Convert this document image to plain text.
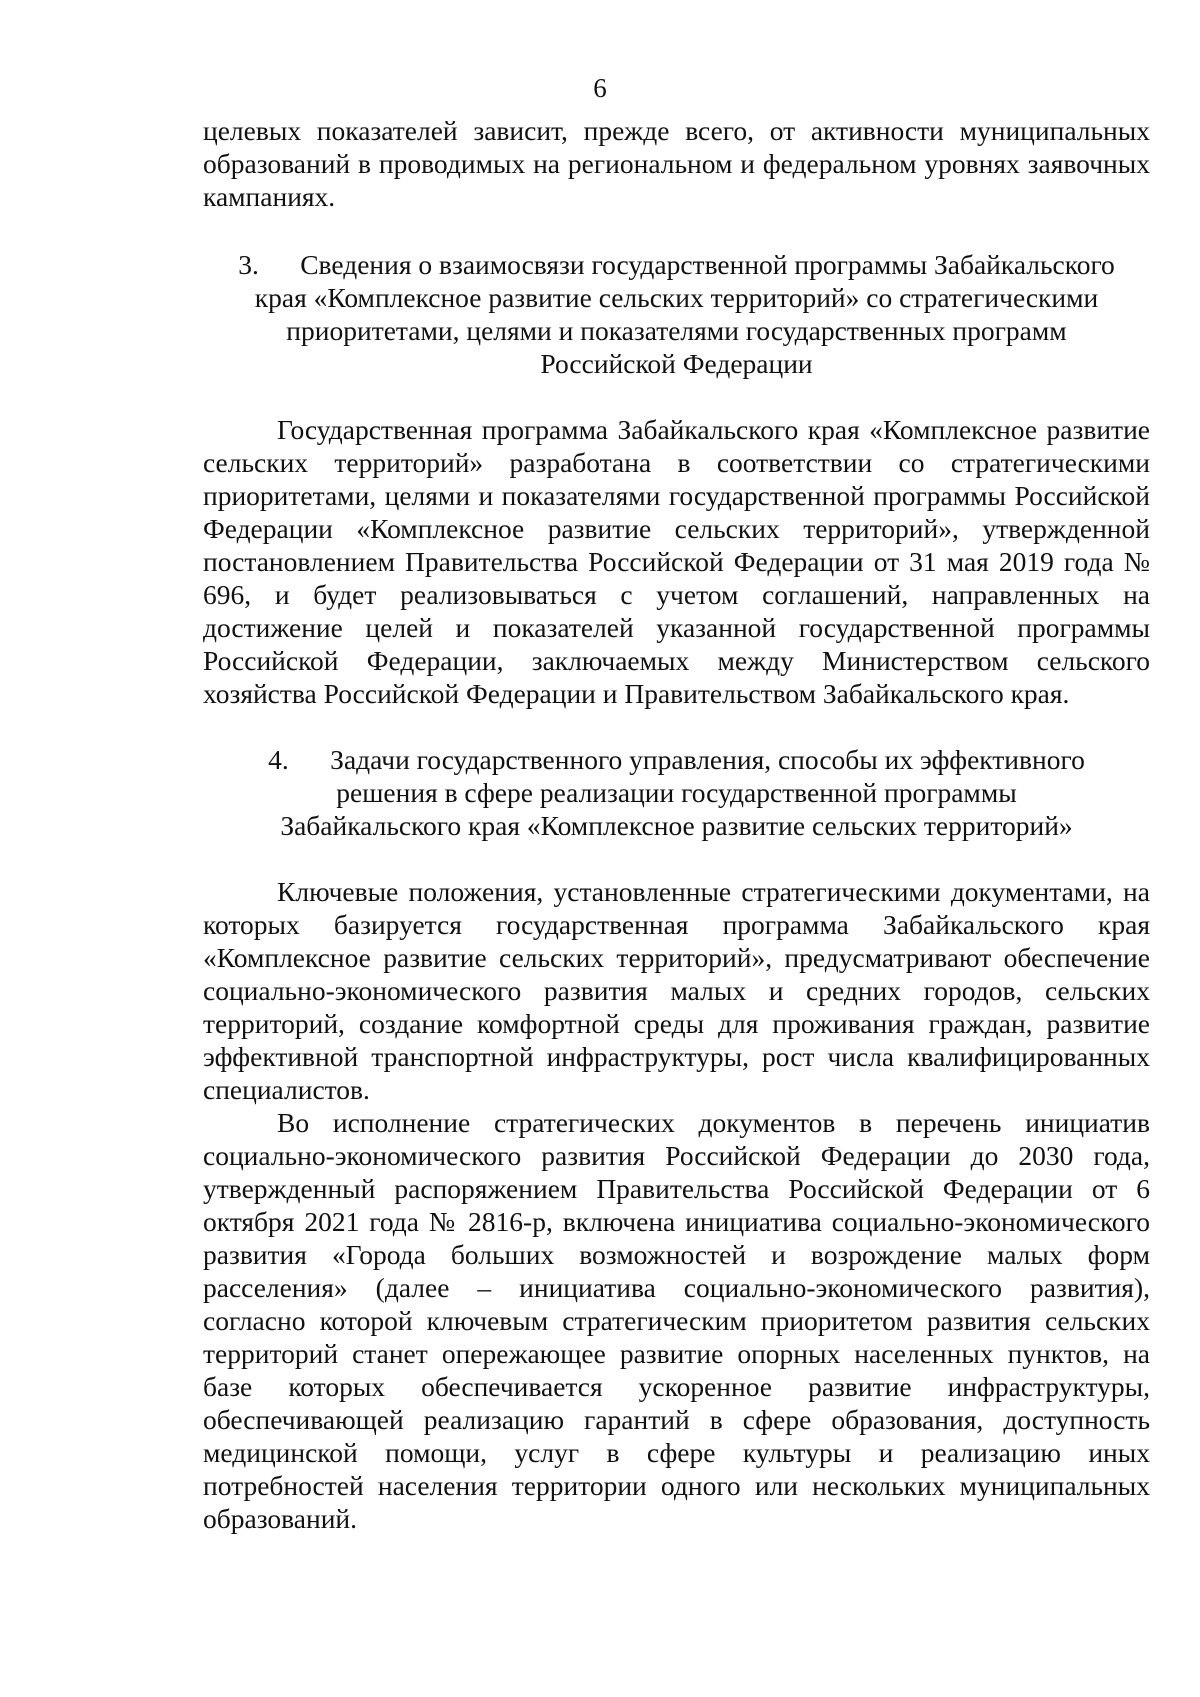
6

целевых показателей зависит, прежде всего, от активности муниципальных образований в проводимых на региональном и федеральном уровнях заявочных кампаниях.

3. Сведения о взаимосвязи государственной программы Забайкальского
края «Комплексное развитие сельских территорий» со стратегическими
приоритетами, целями и показателями государственных программ
Российской Федерации

Государственная программа Забайкальского края «Комплексное развитие сельских территорий» разработана в соответствии со стратегическими приоритетами, целями и показателями государственной программы Российской Федерации «Комплексное развитие сельских территорий», утвержденной постановлением Правительства Российской Федерации от 31 мая 2019 года № 696, и будет реализовываться с учетом соглашений, направленных на достижение целей и показателей указанной государственной программы Российской Федерации, заключаемых между Министерством сельского хозяйства Российской Федерации и Правительством Забайкальского края.

4. Задачи государственного управления, способы их эффективного
решения в сфере реализации государственной программы
Забайкальского края «Комплексное развитие сельских территорий»

Ключевые положения, установленные стратегическими документами, на которых базируется государственная программа Забайкальского края «Комплексное развитие сельских территорий», предусматривают обеспечение социально-экономического развития малых и средних городов, сельских территорий, создание комфортной среды для проживания граждан, развитие эффективной транспортной инфраструктуры, рост числа квалифицированных специалистов.

Во исполнение стратегических документов в перечень инициатив социально-экономического развития Российской Федерации до 2030 года, утвержденный распоряжением Правительства Российской Федерации от 6 октября 2021 года № 2816-р, включена инициатива социально-экономического развития «Города больших возможностей и возрождение малых форм расселения» (далее – инициатива социально-экономического развития), согласно которой ключевым стратегическим приоритетом развития сельских территорий станет опережающее развитие опорных населенных пунктов, на базе которых обеспечивается ускоренное развитие инфраструктуры, обеспечивающей реализацию гарантий в сфере образования, доступность медицинской помощи, услуг в сфере культуры и реализацию иных потребностей населения территории одного или нескольких муниципальных образований.
